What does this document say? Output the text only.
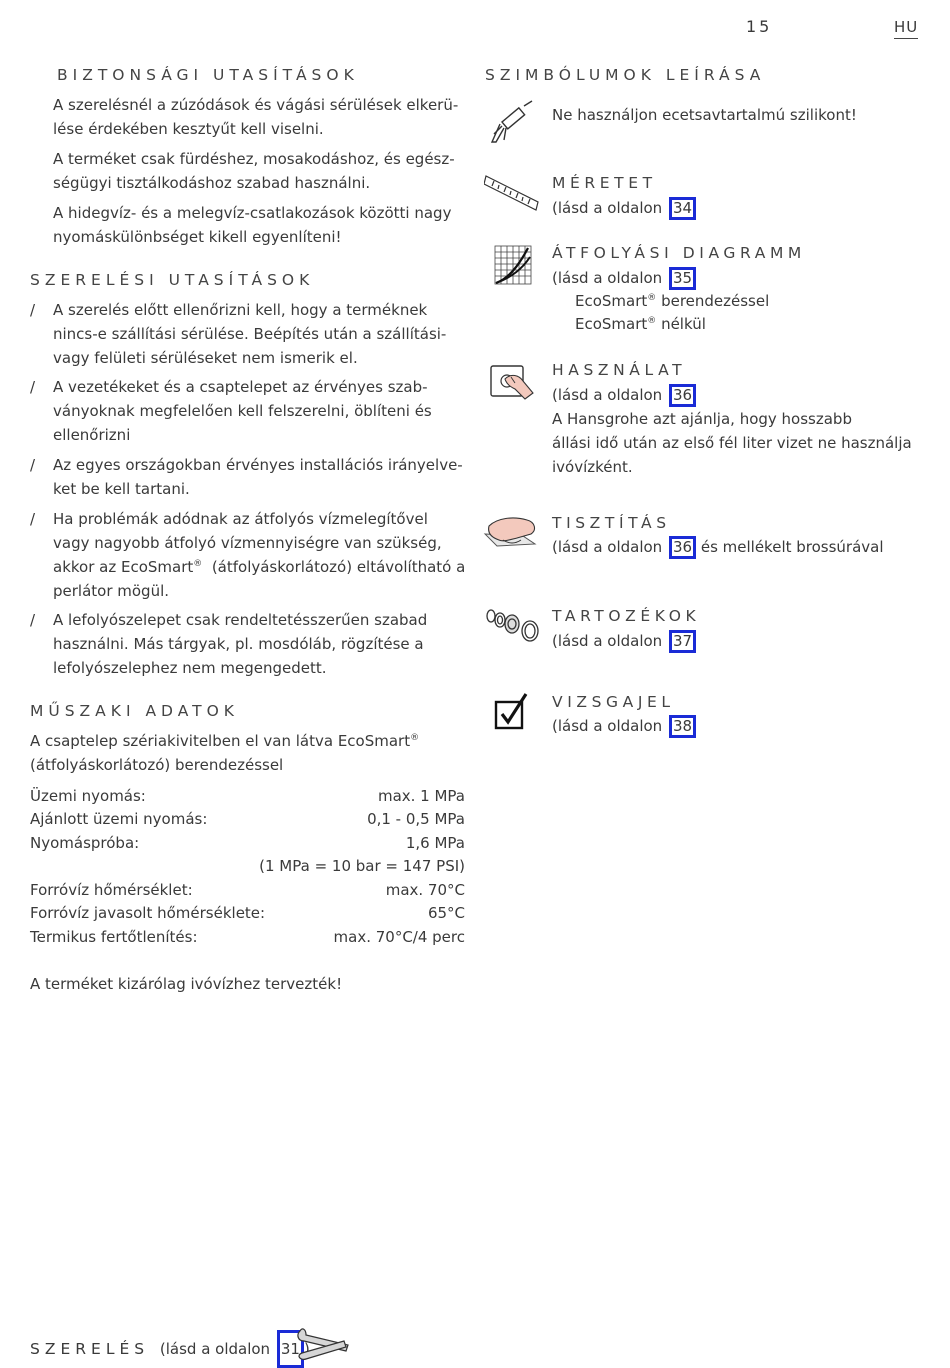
15	HU
BIZTONSÁGI UTASÍTÁSOK
A szerelésnél a zúzódások és vágási sérülések elkerü-
lése érdekében kesztyűt kell viselni.
A terméket csak fürdéshez, mosakodáshoz, és egész-
ségügyi tisztálkodáshoz szabad használni.
A hidegvíz- és a melegvíz-csatlakozások közötti nagy
nyomáskülönbséget kikell egyenlíteni!
SZERELÉSI UTASÍTÁSOK
/ A szerelés előtt ellenőrizni kell, hogy a terméknek
nincs-e szállítási sérülése. Beépítés után a szállítási-
vagy felületi sérüléseket nem ismerik el.
/ A vezetékeket és a csaptelepet az érvényes szab-
ványoknak megfelelően kell felszerelni, öblíteni és
ellenőrizni
/ Az egyes országokban érvényes installációs irányelve-
ket be kell tartani.
/ Ha problémák adódnak az átfolyós vízmelegítővel
vagy nagyobb átfolyó vízmennyiségre van szükség,
akkor az EcoSmart® (átfolyáskorlátozó) eltávolítható a
perlátor mögül.
/ A lefolyószelepet csak rendeltetésszerűen szabad
használni. Más tárgyak, pl. mosdóláb, rögzítése a
lefolyószelephez nem megengedett.
MŰSZAKI ADATOK
A csaptelep szériakivitelben el van látva EcoSmart®
(átfolyáskorlátozó) berendezéssel
Üzemi nyomás:	max. 1 MPa
Ajánlott üzemi nyomás:	0,1 - 0,5 MPa
Nyomáspróba:	1,6 MPa
(1 MPa = 10 bar = 147 PSI)
Forróvíz hőmérséklet:	max. 70°C
Forróvíz javasolt hőmérséklete:	65°C
Termikus fertőtlenítés:	max. 70°C/4 perc
A terméket kizárólag ivóvízhez tervezték!
SZIMBÓLUMOK LEÍRÁSA
Ne használjon ecetsavtartalmú szilikont!
MÉRETET
(lásd a oldalon 34
ÁTFOLYÁSI DIAGRAMM
(lásd a oldalon 35
EcoSmart® berendezéssel
EcoSmart® nélkül
HASZNÁLAT
(lásd a oldalon 36
A Hansgrohe azt ajánlja, hogy hosszabb
állási idő után az első fél liter vizet ne használja
ivóvízként.
TISZTÍTÁS
(lásd a oldalon 36 és mellékelt brossúrával
TARTOZÉKOK
(lásd a oldalon 37
VIZSGAJEL
(lásd a oldalon 38
SZERELÉS (lásd a oldalon 31 )
